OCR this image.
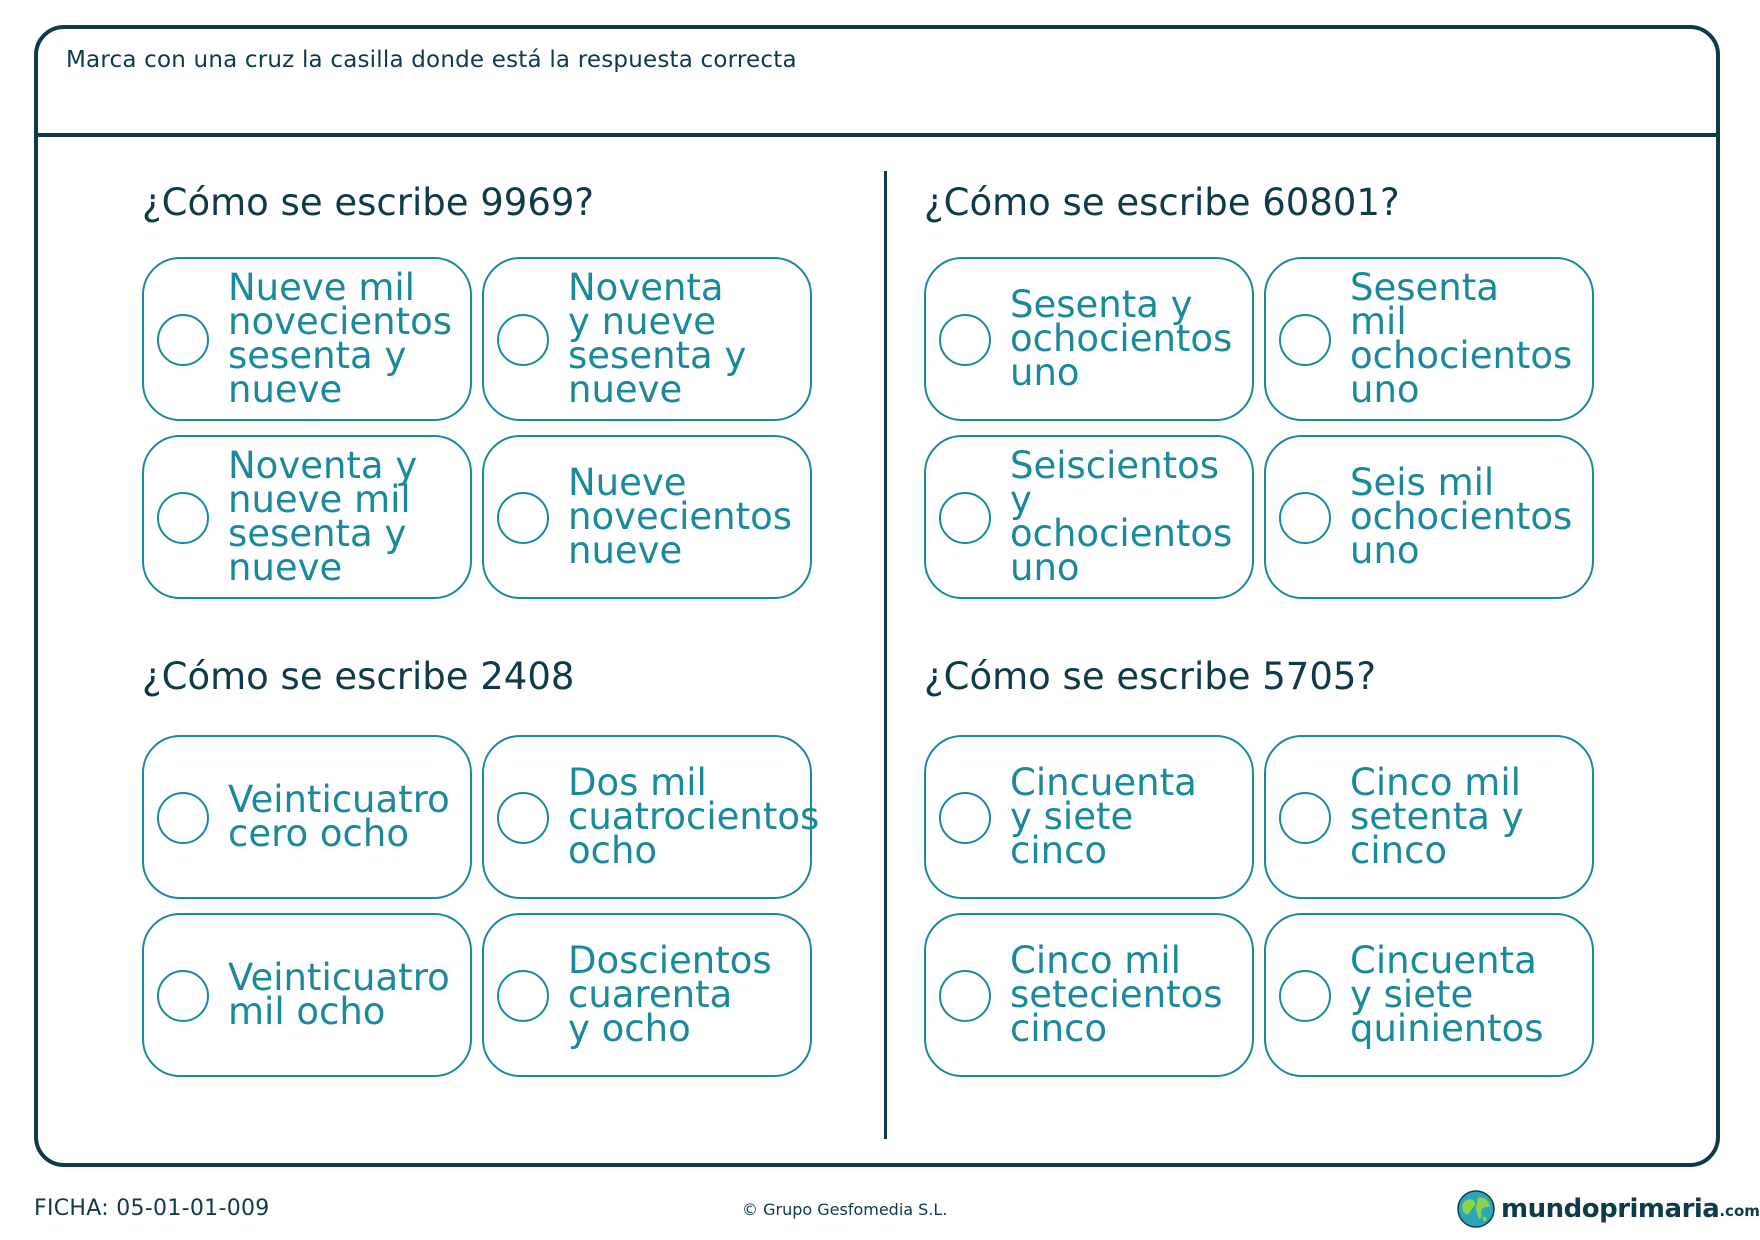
Marca con una cruz la casilla donde está la respuesta correcta
¿Cómo se escribe 9969?
Nueve mil
novecientos
sesenta y
nueve
Noventa
y nueve
sesenta y
nueve
Noventa y
nueve mil
sesenta y
nueve
Nueve
novecientos
nueve
¿Cómo se escribe 60801?
Sesenta y
ochocientos
uno
Sesenta
mil
ochocientos
uno
Seiscientos
y
ochocientos
uno
Seis mil
ochocientos
uno
¿Cómo se escribe 2408
Veinticuatro
cero ocho
Dos mil
cuatrocientos
ocho
Veinticuatro
mil ocho
Doscientos
cuarenta
y ocho
¿Cómo se escribe 5705?
Cincuenta
y siete
cinco
Cinco mil
setenta y
cinco
Cinco mil
setecientos
cinco
Cincuenta
y siete
quinientos
FICHA: 05-01-01-009	© Grupo Gesfomedia S.L.	mundoprimaria .com
